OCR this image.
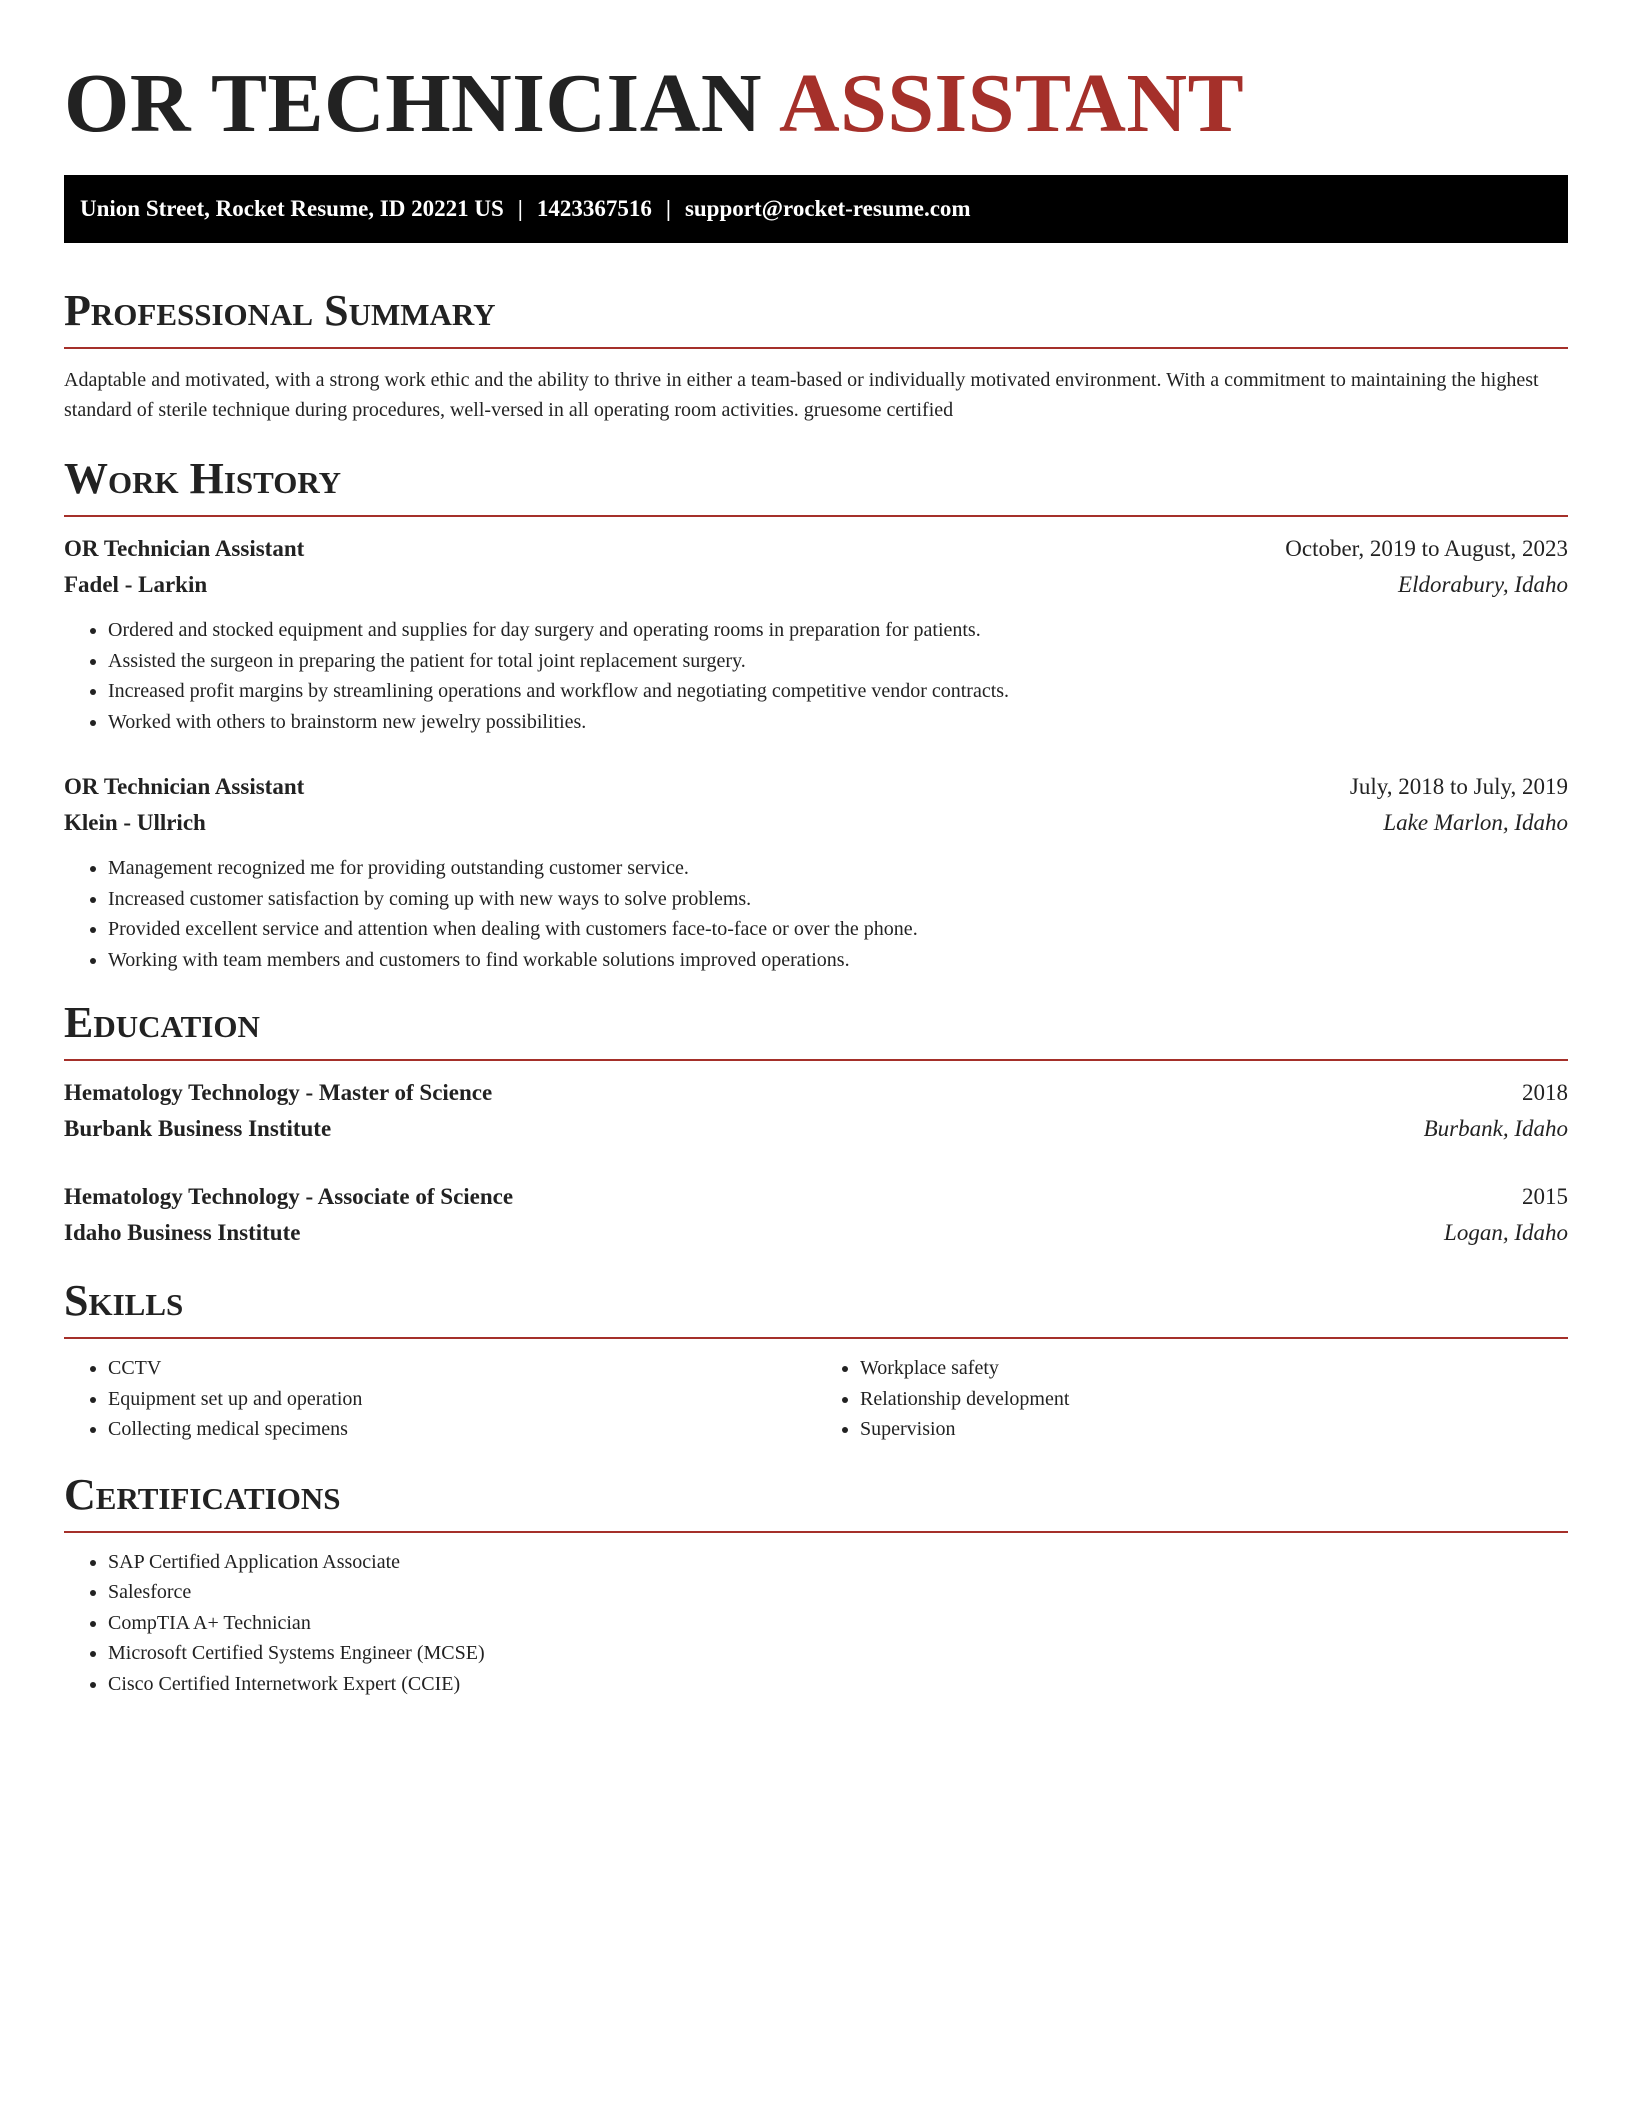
OR TECHNICIAN ASSISTANT
Union Street, Rocket Resume, ID 20221 US | 1423367516 | support@rocket-resume.com
Professional Summary

Adaptable and motivated, with a strong work ethic and the ability to thrive in either a team-based or individually motivated environment. With a commitment to maintaining the highest standard of sterile technique during procedures, well-versed in all operating room activities. gruesome certified

Work History
OR Technician Assistant	October, 2019 to August, 2023
Fadel - Larkin	Eldorabury, Idaho
• Ordered and stocked equipment and supplies for day surgery and operating rooms in preparation for patients.
• Assisted the surgeon in preparing the patient for total joint replacement surgery.
• Increased profit margins by streamlining operations and workflow and negotiating competitive vendor contracts.
• Worked with others to brainstorm new jewelry possibilities.
OR Technician Assistant	July, 2018 to July, 2019
Klein - Ullrich	Lake Marlon, Idaho
• Management recognized me for providing outstanding customer service.
• Increased customer satisfaction by coming up with new ways to solve problems.
• Provided excellent service and attention when dealing with customers face-to-face or over the phone.
• Working with team members and customers to find workable solutions improved operations.
Education
Hematology Technology - Master of Science	2018
Burbank Business Institute	Burbank, Idaho
Hematology Technology - Associate of Science	2015
Idaho Business Institute	Logan, Idaho
Skills
• CCTV
• Equipment set up and operation
• Collecting medical specimens
• Workplace safety
• Relationship development
• Supervision
Certifications
• SAP Certified Application Associate
• Salesforce
• CompTIA A+ Technician
• Microsoft Certified Systems Engineer (MCSE)
• Cisco Certified Internetwork Expert (CCIE)
